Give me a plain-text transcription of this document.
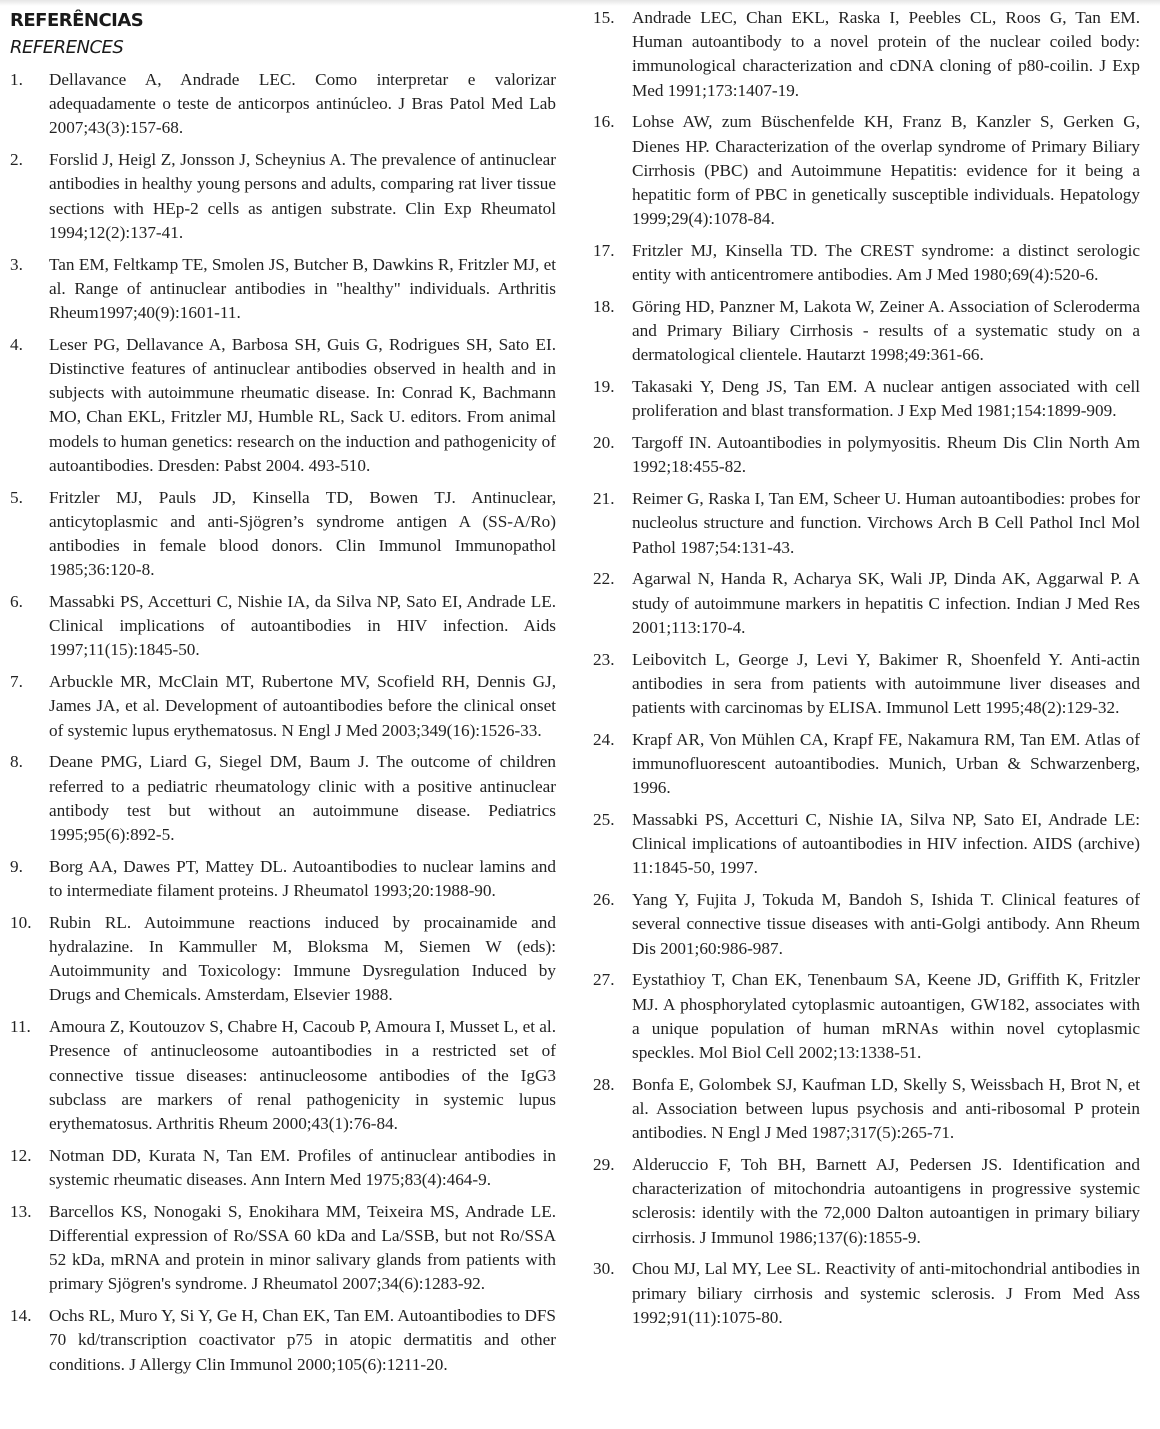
REFERÊNCIAS
REFERENCES
1.	Dellavance A, Andrade LEC. Como interpretar e valorizar adequadamente o teste de anticorpos antinúcleo. J Bras Patol Med Lab 2007;43(3):157-68.
2.	Forslid J, Heigl Z, Jonsson J, Scheynius A. The prevalence of antinuclear antibodies in healthy young persons and adults, comparing rat liver tissue sections with HEp-2 cells as antigen substrate. Clin Exp Rheumatol 1994;12(2):137-41.
3.	Tan EM, Feltkamp TE, Smolen JS, Butcher B, Dawkins R, Fritzler MJ, et al. Range of antinuclear antibodies in "healthy" individuals. Arthritis Rheum1997;40(9):1601-11.
4.	Leser PG, Dellavance A, Barbosa SH, Guis G, Rodrigues SH, Sato EI. Distinctive features of antinuclear antibodies observed in health and in subjects with autoimmune rheumatic disease. In: Conrad K, Bachmann MO, Chan EKL, Fritzler MJ, Humble RL, Sack U. editors. From animal models to human genetics: research on the induction and pathogenicity of autoantibodies. Dresden: Pabst 2004. 493-510.
5.	Fritzler MJ, Pauls JD, Kinsella TD, Bowen TJ. Antinuclear, anticytoplasmic and anti-Sjögren’s syndrome antigen A (SS-A/Ro) antibodies in female blood donors. Clin Immunol Immunopathol 1985;36:120-8.
6.	Massabki PS, Accetturi C, Nishie IA, da Silva NP, Sato EI, Andrade LE. Clinical implications of autoantibodies in HIV infection. Aids 1997;11(15):1845-50.
7.	Arbuckle MR, McClain MT, Rubertone MV, Scofield RH, Dennis GJ, James JA, et al. Development of autoantibodies before the clinical onset of systemic lupus erythematosus. N Engl J Med 2003;349(16):1526-33.
8.	Deane PMG, Liard G, Siegel DM, Baum J. The outcome of children referred to a pediatric rheumatology clinic with a positive antinuclear antibody test but without an autoimmune disease. Pediatrics 1995;95(6):892-5.
9.	Borg AA, Dawes PT, Mattey DL. Autoantibodies to nuclear lamins and to intermediate filament proteins. J Rheumatol 1993;20:1988-90.
10.	Rubin RL. Autoimmune reactions induced by procainamide and hydralazine. In Kammuller M, Bloksma M, Siemen W (eds): Autoimmunity and Toxicology: Immune Dysregulation Induced by Drugs and Chemicals. Amsterdam, Elsevier 1988.
11.	Amoura Z, Koutouzov S, Chabre H, Cacoub P, Amoura I, Musset L, et al. Presence of antinucleosome autoantibodies in a restricted set of connective tissue diseases: antinucleosome antibodies of the IgG3 subclass are markers of renal pathogenicity in systemic lupus erythematosus. Arthritis Rheum 2000;43(1):76-84.
12.	Notman DD, Kurata N, Tan EM. Profiles of antinuclear antibodies in systemic rheumatic diseases. Ann Intern Med 1975;83(4):464-9.
13.	Barcellos KS, Nonogaki S, Enokihara MM, Teixeira MS, Andrade LE. Differential expression of Ro/SSA 60 kDa and La/SSB, but not Ro/SSA 52 kDa, mRNA and protein in minor salivary glands from patients with primary Sjögren's syndrome. J Rheumatol 2007;34(6):1283-92.
14.	Ochs RL, Muro Y, Si Y, Ge H, Chan EK, Tan EM. Autoantibodies to DFS 70 kd/transcription coactivator p75 in atopic dermatitis and other conditions. J Allergy Clin Immunol 2000;105(6):1211-20.
15.	Andrade LEC, Chan EKL, Raska I, Peebles CL, Roos G, Tan EM. Human autoantibody to a novel protein of the nuclear coiled body: immunological characterization and cDNA cloning of p80-coilin. J Exp Med 1991;173:1407-19.
16.	Lohse AW, zum Büschenfelde KH, Franz B, Kanzler S, Gerken G, Dienes HP. Characterization of the overlap syndrome of Primary Biliary Cirrhosis (PBC) and Autoimmune Hepatitis: evidence for it being a hepatitic form of PBC in genetically susceptible individuals. Hepatology 1999;29(4):1078-84.
17.	Fritzler MJ, Kinsella TD. The CREST syndrome: a distinct serologic entity with anticentromere antibodies. Am J Med 1980;69(4):520-6.
18.	Göring HD, Panzner M, Lakota W, Zeiner A. Association of Scleroderma and Primary Biliary Cirrhosis - results of a systematic study on a dermatological clientele. Hautarzt 1998;49:361-66.
19.	Takasaki Y, Deng JS, Tan EM. A nuclear antigen associated with cell proliferation and blast transformation. J Exp Med 1981;154:1899-909.
20.	Targoff IN. Autoantibodies in polymyositis. Rheum Dis Clin North Am 1992;18:455-82.
21.	Reimer G, Raska I, Tan EM, Scheer U. Human autoantibodies: probes for nucleolus structure and function. Virchows Arch B Cell Pathol Incl Mol Pathol 1987;54:131-43.
22.	Agarwal N, Handa R, Acharya SK, Wali JP, Dinda AK, Aggarwal P. A study of autoimmune markers in hepatitis C infection. Indian J Med Res 2001;113:170-4.
23.	Leibovitch L, George J, Levi Y, Bakimer R, Shoenfeld Y. Anti-actin antibodies in sera from patients with autoimmune liver diseases and patients with carcinomas by ELISA. Immunol Lett 1995;48(2):129-32.
24.	Krapf AR, Von Mühlen CA, Krapf FE, Nakamura RM, Tan EM. Atlas of immunofluorescent autoantibodies. Munich, Urban & Schwarzenberg, 1996.
25.	Massabki PS, Accetturi C, Nishie IA, Silva NP, Sato EI, Andrade LE: Clinical implications of autoantibodies in HIV infection. AIDS (archive) 11:1845-50, 1997.
26.	Yang Y, Fujita J, Tokuda M, Bandoh S, Ishida T. Clinical features of several connective tissue diseases with anti-Golgi antibody. Ann Rheum Dis 2001;60:986-987.
27.	Eystathioy T, Chan EK, Tenenbaum SA, Keene JD, Griffith K, Fritzler MJ. A phosphorylated cytoplasmic autoantigen, GW182, associates with a unique population of human mRNAs within novel cytoplasmic speckles. Mol Biol Cell 2002;13:1338-51.
28.	Bonfa E, Golombek SJ, Kaufman LD, Skelly S, Weissbach H, Brot N, et al. Association between lupus psychosis and anti-ribosomal P protein antibodies. N Engl J Med 1987;317(5):265-71.
29.	Alderuccio F, Toh BH, Barnett AJ, Pedersen JS. Identification and characterization of mitochondria autoantigens in progressive systemic sclerosis: identily with the 72,000 Dalton autoantigen in primary biliary cirrhosis. J Immunol 1986;137(6):1855-9.
30.	Chou MJ, Lal MY, Lee SL. Reactivity of anti-mitochondrial antibodies in primary biliary cirrhosis and systemic sclerosis. J From Med Ass 1992;91(11):1075-80.
